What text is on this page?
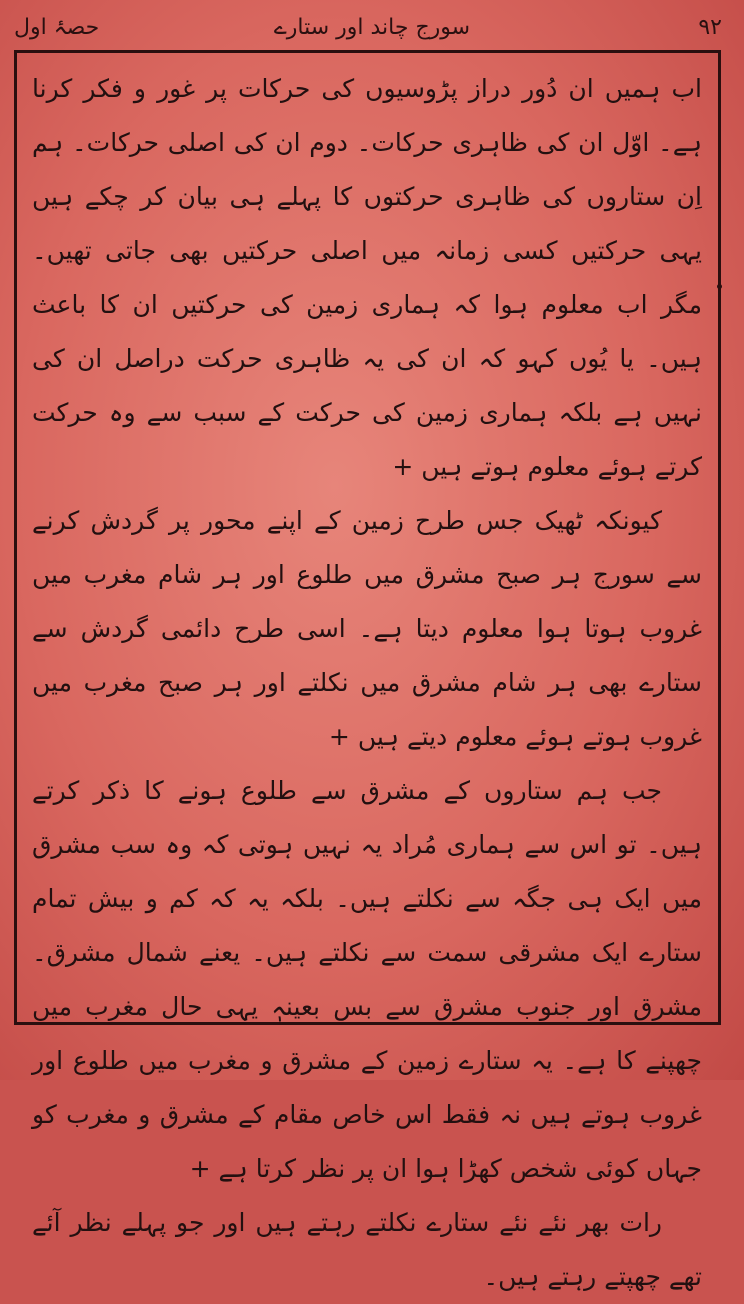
حصۂ اول	سورج چاند اور ستارے	۹۲

اب ہمیں ان دُور دراز پڑوسیوں کی حرکات پر غور و فکر کرنا ہے۔ اوّل ان کی ظاہری حرکات۔ دوم ان کی اصلی حرکات۔ ہم اِن ستاروں کی ظاہری حرکتوں کا پہلے ہی بیان کر چکے ہیں یہی حرکتیں کسی زمانہ میں اصلی حرکتیں بھی جاتی تھیں۔ مگر اب معلوم ہوا کہ ہماری زمین کی حرکتیں ان کا باعث ہیں۔ یا یُوں کہو کہ ان کی یہ ظاہری حرکت دراصل ان کی نہیں ہے بلکہ ہماری زمین کی حرکت کے سبب سے وہ حرکت کرتے ہوئے معلوم ہوتے ہیں +

کیونکہ ٹھیک جس طرح زمین کے اپنے محور پر گردش کرنے سے سورج ہر صبح مشرق میں طلوع اور ہر شام مغرب میں غروب ہوتا ہوا معلوم دیتا ہے۔ اسی طرح دائمی گردش سے ستارے بھی ہر شام مشرق میں نکلتے اور ہر صبح مغرب میں غروب ہوتے ہوئے معلوم دیتے ہیں +

جب ہم ستاروں کے مشرق سے طلوع ہونے کا ذکر کرتے ہیں۔ تو اس سے ہماری مُراد یہ نہیں ہوتی کہ وہ سب مشرق میں ایک ہی جگہ سے نکلتے ہیں۔ بلکہ یہ کہ کم و بیش تمام ستارے ایک مشرقی سمت سے نکلتے ہیں۔ یعنے شمال مشرق۔ مشرق اور جنوب مشرق سے بس بعینہٖ یہی حال مغرب میں چھپنے کا ہے۔ یہ ستارے زمین کے مشرق و مغرب میں طلوع اور غروب ہوتے ہیں نہ فقط اس خاص مقام کے مشرق و مغرب کو جہاں کوئی شخص کھڑا ہوا ان پر نظر کرتا ہے +

رات بھر نئے نئے ستارے نکلتے رہتے ہیں اور جو پہلے نظر آئے تھے چھپتے رہتے ہیں۔
